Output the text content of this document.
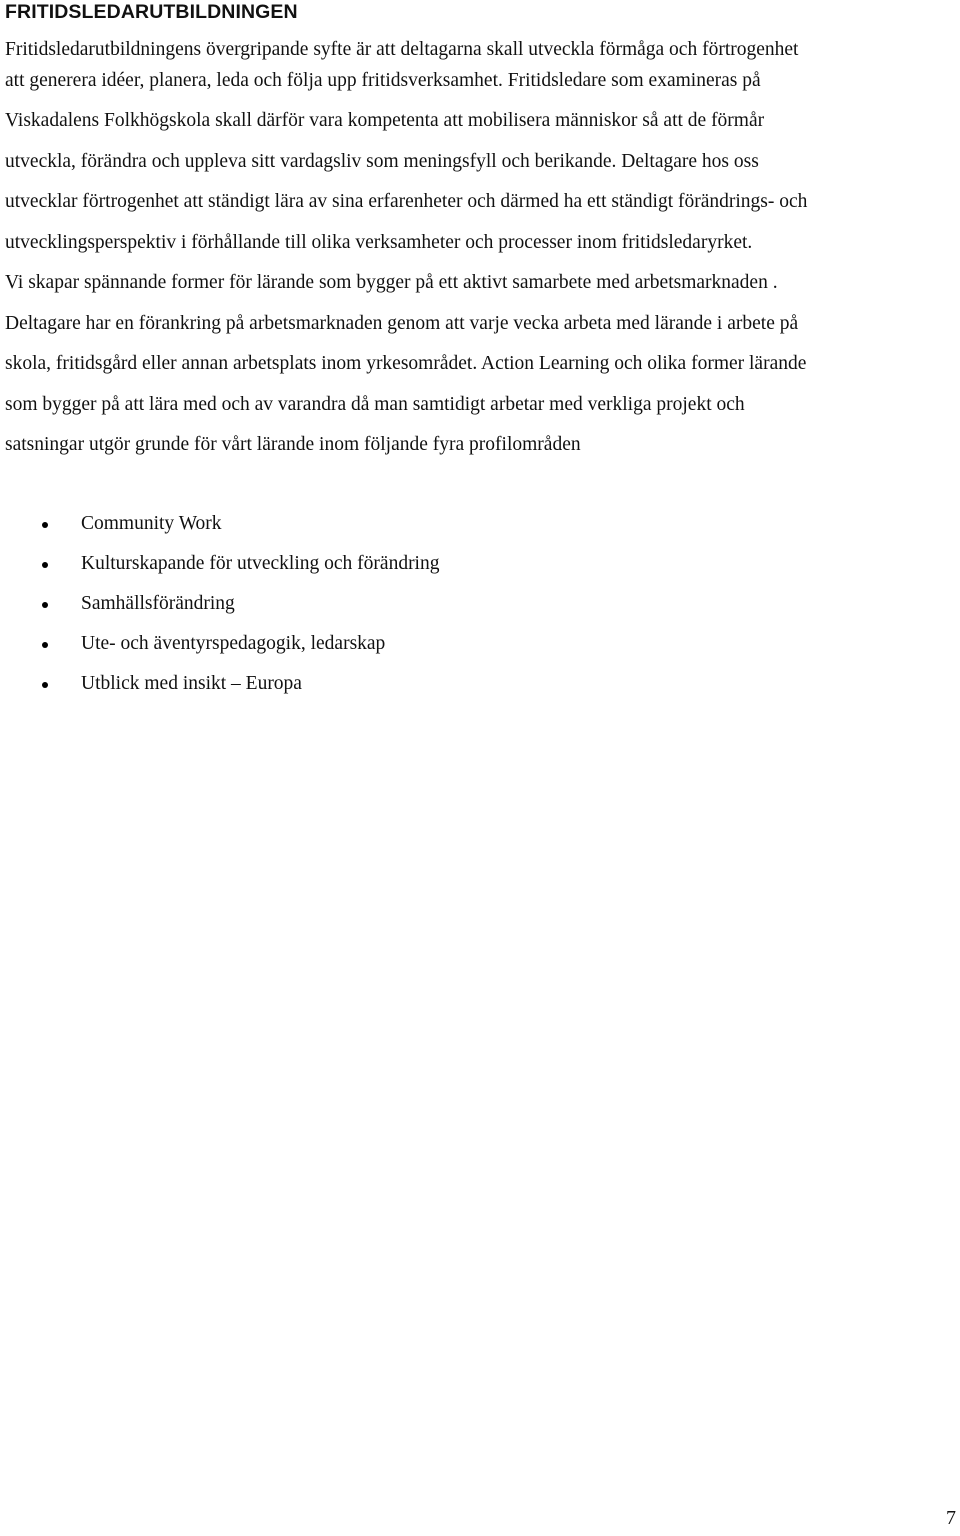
FRITIDSLEDARUTBILDNINGEN
Fritidsledarutbildningens övergripande syfte är att deltagarna skall utveckla förmåga och förtrogenhet
att generera idéer, planera, leda och följa upp fritidsverksamhet. Fritidsledare som examineras på
Viskadalens Folkhögskola skall därför vara kompetenta att mobilisera människor så att de förmår
utveckla, förändra och uppleva sitt vardagsliv som meningsfyll och berikande. Deltagare hos oss
utvecklar förtrogenhet att ständigt lära av sina erfarenheter och därmed ha ett ständigt förändrings- och
utvecklingsperspektiv i förhållande till olika verksamheter och processer inom fritidsledaryrket.
Vi skapar spännande former för lärande som bygger på ett aktivt samarbete med arbetsmarknaden .
Deltagare har en förankring på arbetsmarknaden genom att varje vecka arbeta med lärande i arbete på
skola, fritidsgård eller annan arbetsplats inom yrkesområdet. Action Learning och olika former lärande
som bygger på att lära med och av varandra då man samtidigt arbetar med verkliga projekt och
satsningar utgör grunde för vårt lärande inom följande fyra profilområden
Community Work
Kulturskapande för utveckling och förändring
Samhällsförändring
Ute- och äventyrspedagogik, ledarskap
Utblick med insikt – Europa
7
